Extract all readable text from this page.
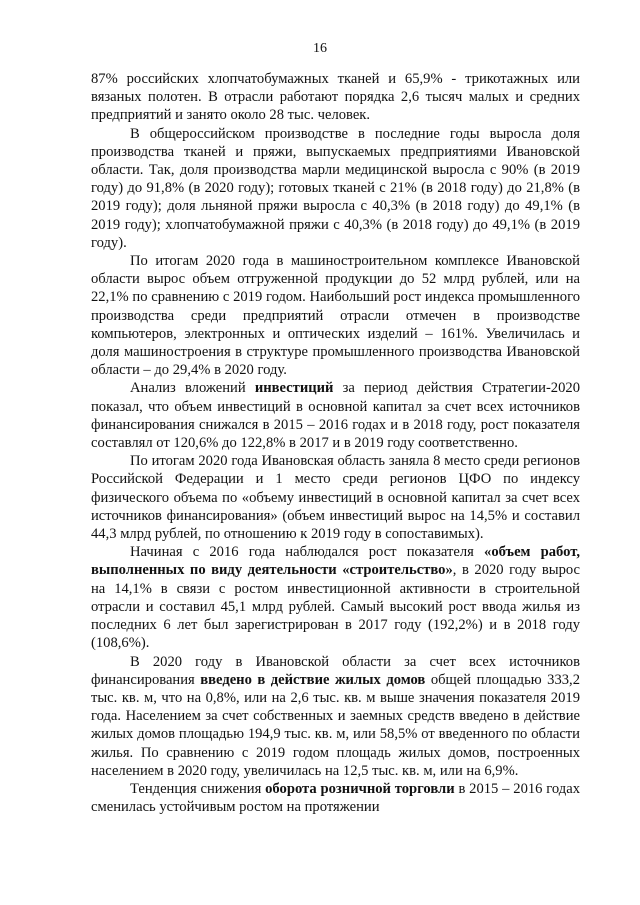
16

87% российских хлопчатобумажных тканей и 65,9% - трикотажных или вязаных полотен. В отрасли работают порядка 2,6 тысяч малых и средних предприятий и занято около 28 тыс. человек.

В общероссийском производстве в последние годы выросла доля производства тканей и пряжи, выпускаемых предприятиями Ивановской области. Так, доля производства марли медицинской выросла с 90% (в 2019 году) до 91,8% (в 2020 году); готовых тканей с 21% (в 2018 году) до 21,8% (в 2019 году); доля льняной пряжи выросла с 40,3% (в 2018 году) до 49,1% (в 2019 году); хлопчатобумажной пряжи с 40,3% (в 2018 году) до 49,1% (в 2019 году).

По итогам 2020 года в машиностроительном комплексе Ивановской области вырос объем отгруженной продукции до 52 млрд рублей, или на 22,1% по сравнению с 2019 годом. Наибольший рост индекса промышленного производства среди предприятий отрасли отмечен в производстве компьютеров, электронных и оптических изделий – 161%. Увеличилась и доля машиностроения в структуре промышленного производства Ивановской области – до 29,4% в 2020 году.

Анализ вложений инвестиций за период действия Стратегии-2020 показал, что объем инвестиций в основной капитал за счет всех источников финансирования снижался в 2015 – 2016 годах и в 2018 году, рост показателя составлял от 120,6% до 122,8% в 2017 и в 2019 году соответственно.

По итогам 2020 года Ивановская область заняла 8 место среди регионов Российской Федерации и 1 место среди регионов ЦФО по индексу физического объема по «объему инвестиций в основной капитал за счет всех источников финансирования» (объем инвестиций вырос на 14,5% и составил 44,3 млрд рублей, по отношению к 2019 году в сопоставимых).

Начиная с 2016 года наблюдался рост показателя «объем работ, выполненных по виду деятельности «строительство», в 2020 году вырос на 14,1% в связи с ростом инвестиционной активности в строительной отрасли и составил 45,1 млрд рублей. Самый высокий рост ввода жилья из последних 6 лет был зарегистрирован в 2017 году (192,2%) и в 2018 году (108,6%).

В 2020 году в Ивановской области за счет всех источников финансирования введено в действие жилых домов общей площадью 333,2 тыс. кв. м, что на 0,8%, или на 2,6 тыс. кв. м выше значения показателя 2019 года. Населением за счет собственных и заемных средств введено в действие жилых домов площадью 194,9 тыс. кв. м, или 58,5% от введенного по области жилья. По сравнению с 2019 годом площадь жилых домов, построенных населением в 2020 году, увеличилась на 12,5 тыс. кв. м, или на 6,9%.

Тенденция снижения оборота розничной торговли в 2015 – 2016 годах сменилась устойчивым ростом на протяжении
